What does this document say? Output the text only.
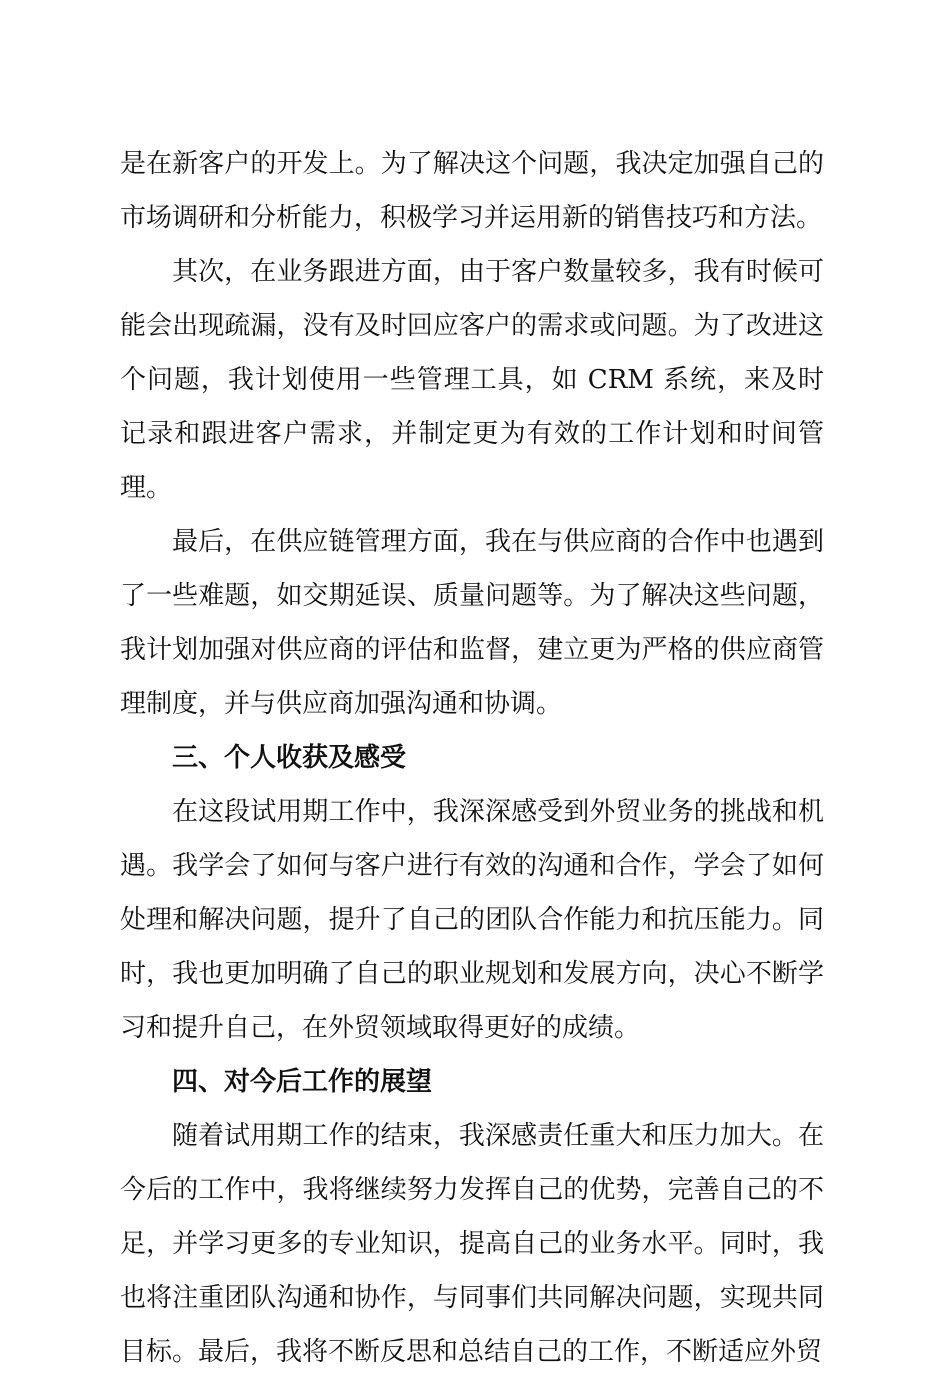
是在新客户的开发上。为了解决这个问题，我决定加强自己的市场调研和分析能力，积极学习并运用新的销售技巧和方法。

其次，在业务跟进方面，由于客户数量较多，我有时候可能会出现疏漏，没有及时回应客户的需求或问题。为了改进这个问题，我计划使用一些管理工具，如 CRM 系统，来及时记录和跟进客户需求，并制定更为有效的工作计划和时间管理。

最后，在供应链管理方面，我在与供应商的合作中也遇到了一些难题，如交期延误、质量问题等。为了解决这些问题，我计划加强对供应商的评估和监督，建立更为严格的供应商管理制度，并与供应商加强沟通和协调。

三、个人收获及感受

在这段试用期工作中，我深深感受到外贸业务的挑战和机遇。我学会了如何与客户进行有效的沟通和合作，学会了如何处理和解决问题，提升了自己的团队合作能力和抗压能力。同时，我也更加明确了自己的职业规划和发展方向，决心不断学习和提升自己，在外贸领域取得更好的成绩。

四、对今后工作的展望

随着试用期工作的结束，我深感责任重大和压力加大。在今后的工作中，我将继续努力发挥自己的优势，完善自己的不足，并学习更多的专业知识，提高自己的业务水平。同时，我也将注重团队沟通和协作，与同事们共同解决问题，实现共同目标。最后，我将不断反思和总结自己的工作，不断适应外贸
